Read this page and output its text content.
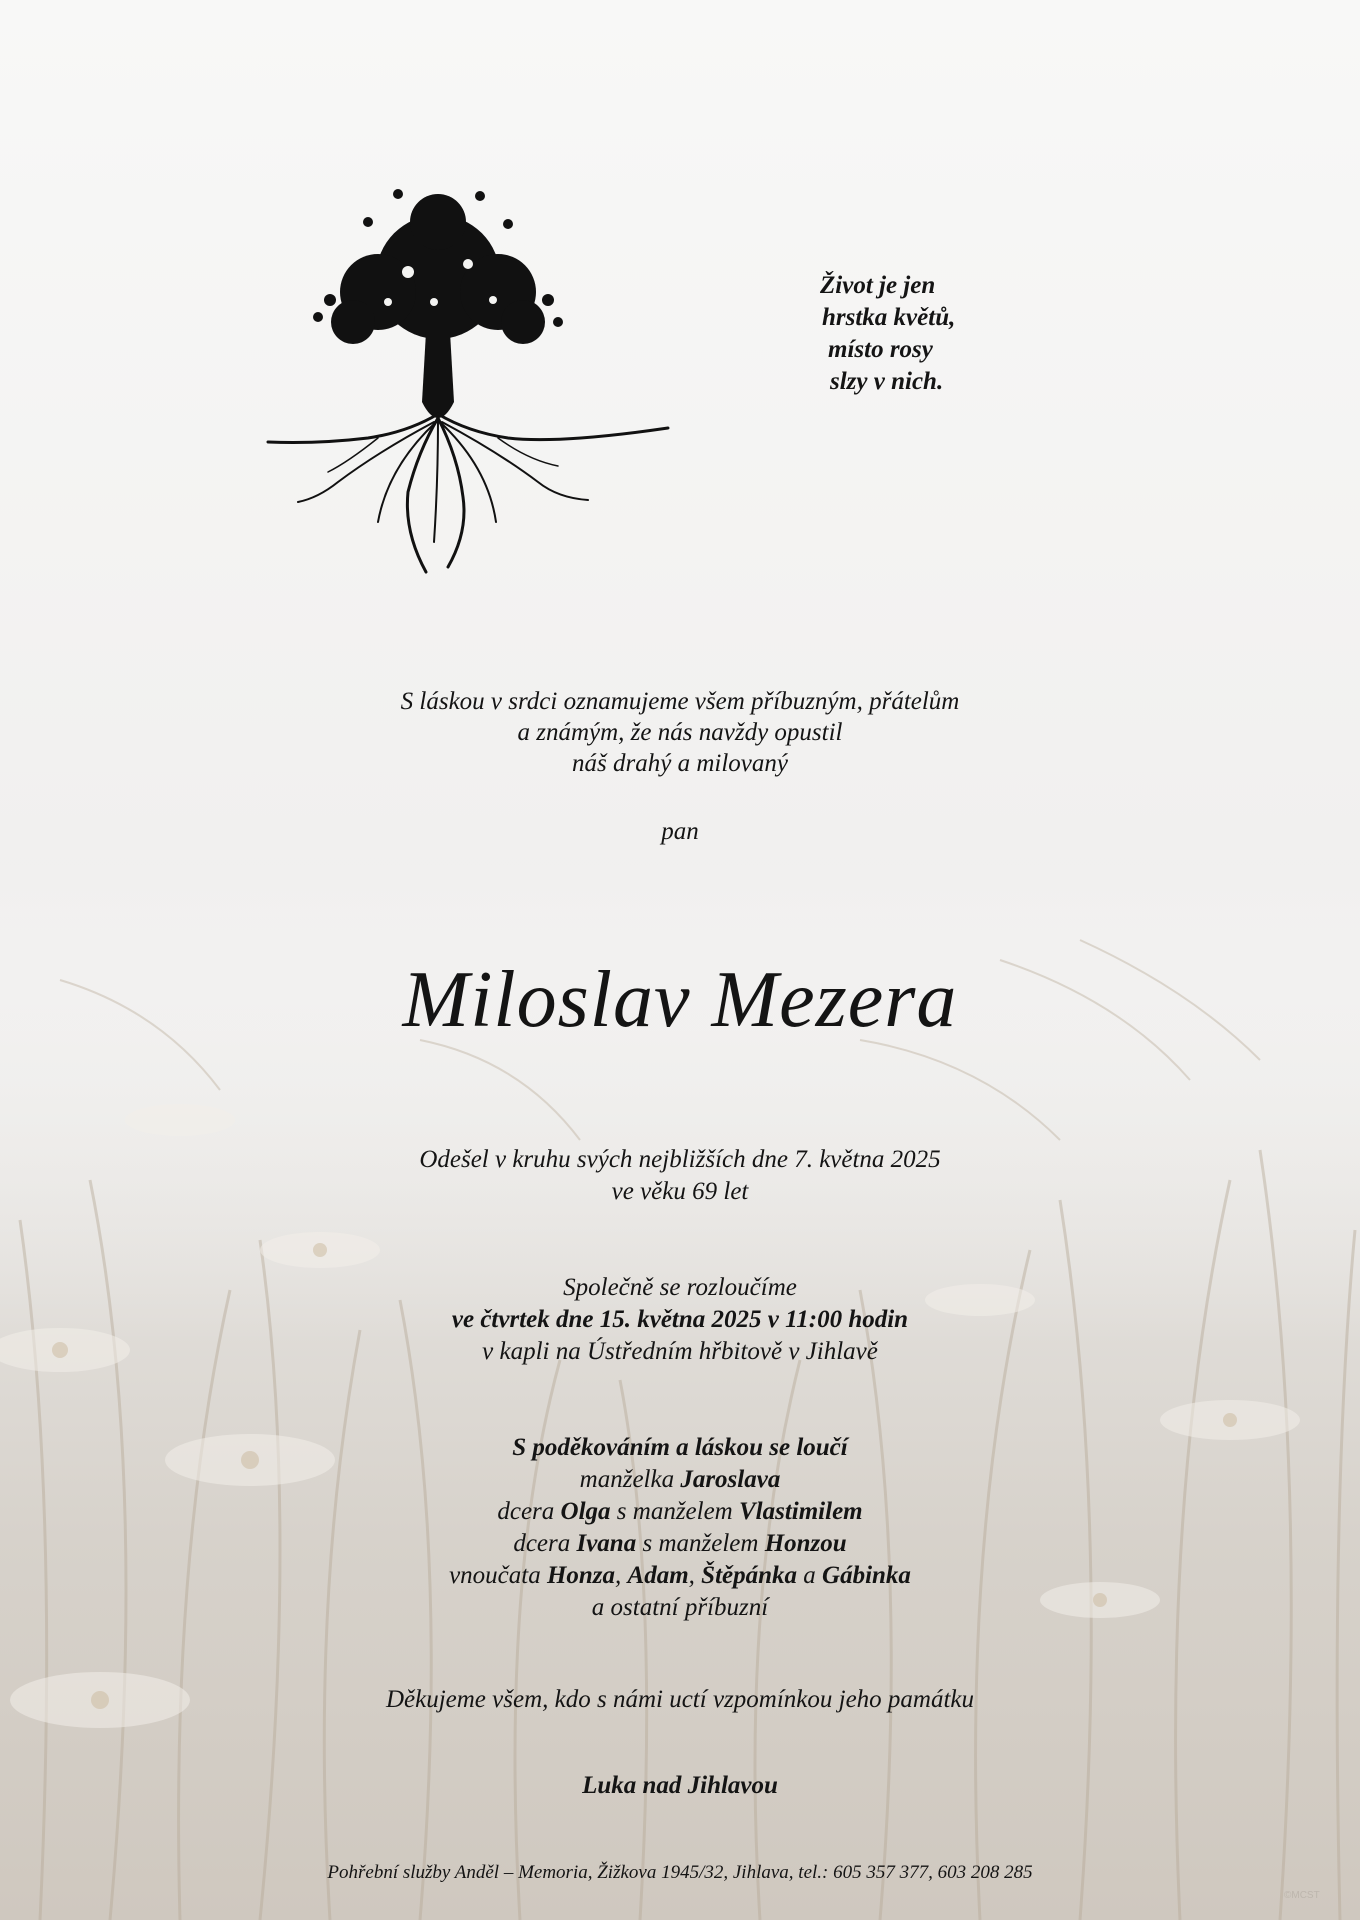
Život je jen
hrstka květů,
místo rosy
slzy v nich.
S láskou v srdci oznamujeme všem příbuzným, přátelům
a známým, že nás navždy opustil
náš drahý a milovaný
pan
Miloslav Mezera
Odešel v kruhu svých nejbližších dne 7. května 2025
ve věku 69 let
Společně se rozloučíme
ve čtvrtek dne 15. května 2025 v 11:00 hodin
v kapli na Ústředním hřbitově v Jihlavě
S poděkováním a láskou se loučí
manželka Jaroslava
dcera Olga s manželem Vlastimilem
dcera Ivana s manželem Honzou
vnoučata Honza, Adam, Štěpánka a Gábinka
a ostatní příbuzní
Děkujeme všem, kdo s námi uctí vzpomínkou jeho památku
Luka nad Jihlavou
Pohřební služby Anděl – Memoria, Žižkova 1945/32, Jihlava, tel.: 605 357 377, 603 208 285
©MCST
